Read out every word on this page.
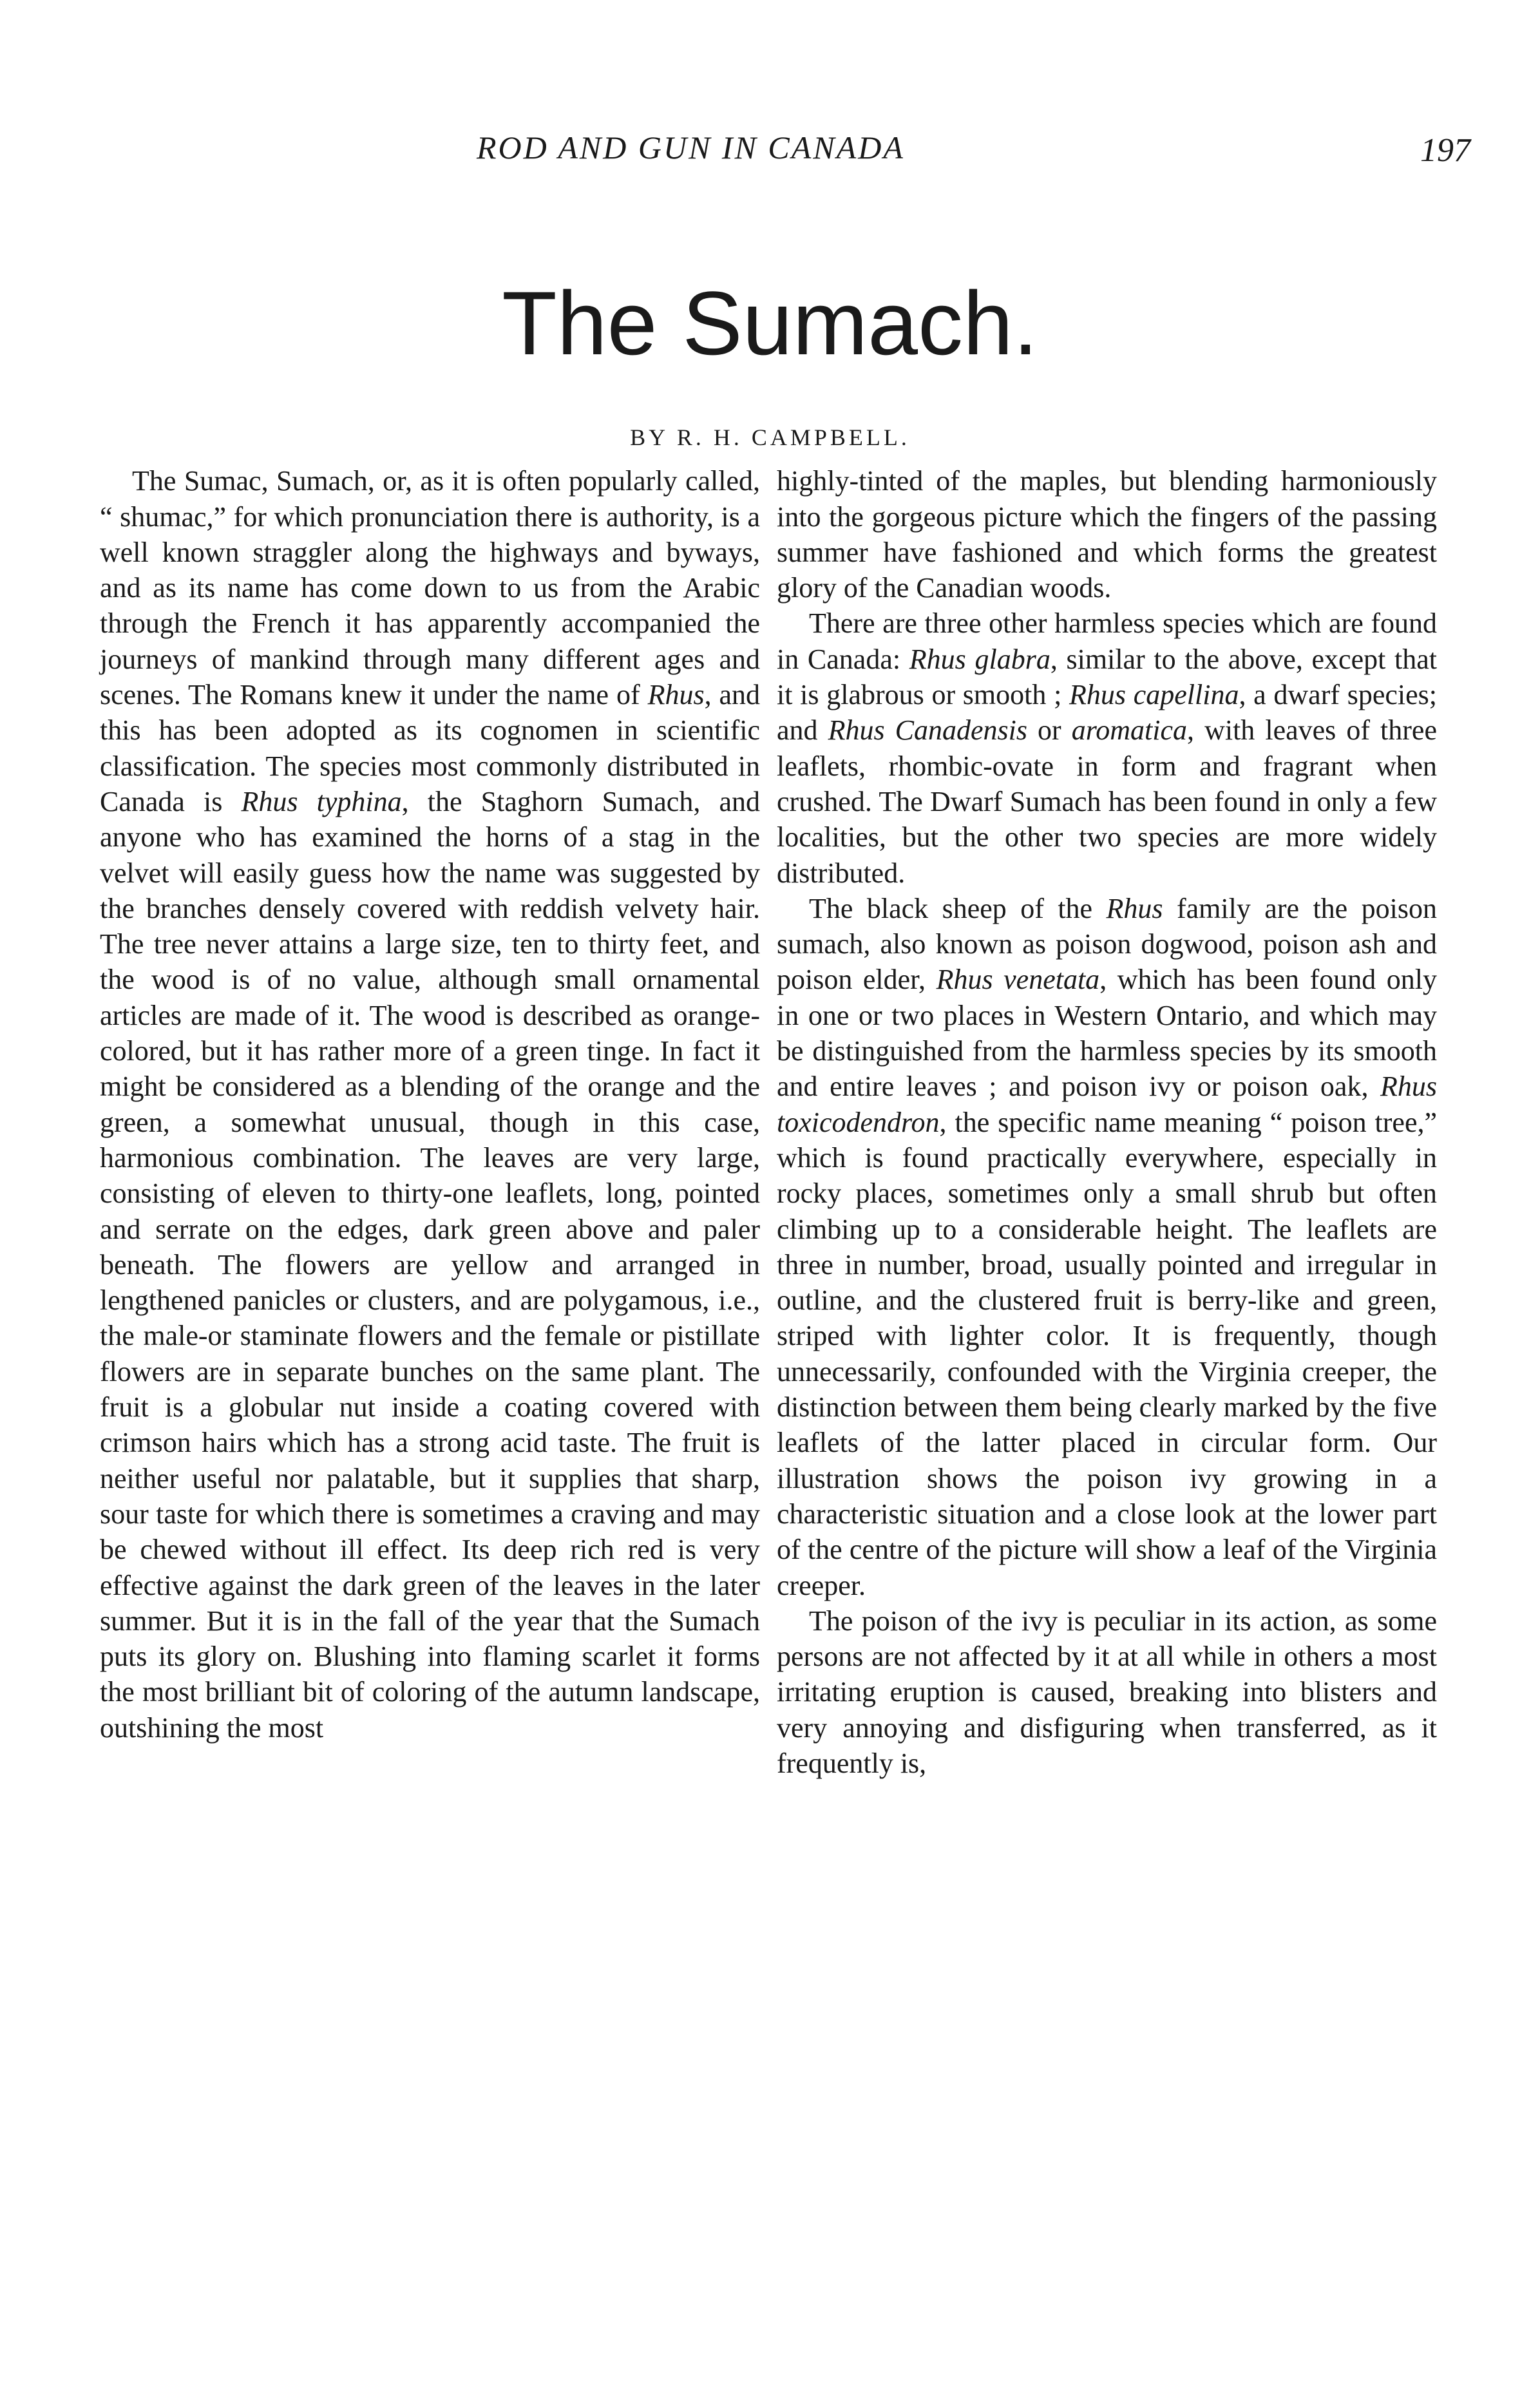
ROD AND GUN IN CANADA	197
The Sumach.
BY R. H. CAMPBELL.

The Sumac, Sumach, or, as it is often popularly called, “ shumac,” for which pronunciation there is authority, is a well known straggler along the highways and byways, and as its name has come down to us from the Arabic through the French it has apparently accompanied the journeys of mankind through many different ages and scenes. The Romans knew it under the name of Rhus, and this has been adopted as its cognomen in scientific classification. The species most commonly distributed in Canada is Rhus typhina, the Staghorn Sumach, and anyone who has examined the horns of a stag in the velvet will easily guess how the name was suggested by the branches densely covered with reddish velvety hair. The tree never attains a large size, ten to thirty feet, and the wood is of no value, although small ornamental articles are made of it. The wood is described as orange-colored, but it has rather more of a green tinge. In fact it might be considered as a blending of the orange and the green, a somewhat unusual, though in this case, harmonious combination. The leaves are very large, consisting of eleven to thirty-one leaflets, long, pointed and serrate on the edges, dark green above and paler beneath. The flowers are yellow and arranged in lengthened panicles or clusters, and are polygamous, i.e., the male-or staminate flowers and the female or pistillate flowers are in separate bunches on the same plant. The fruit is a globular nut inside a coating covered with crimson hairs which has a strong acid taste. The fruit is neither useful nor palatable, but it supplies that sharp, sour taste for which there is sometimes a craving and may be chewed without ill effect. Its deep rich red is very effective against the dark green of the leaves in the later summer. But it is in the fall of the year that the Sumach puts its glory on. Blushing into flaming scarlet it forms the most brilliant bit of coloring of the autumn landscape, outshining the most

highly-tinted of the maples, but blending harmoniously into the gorgeous picture which the fingers of the passing summer have fashioned and which forms the greatest glory of the Canadian woods.

There are three other harmless species which are found in Canada: Rhus glabra, similar to the above, except that it is glabrous or smooth ; Rhus capellina, a dwarf species; and Rhus Canadensis or aromatica, with leaves of three leaflets, rhombic-ovate in form and fragrant when crushed. The Dwarf Sumach has been found in only a few localities, but the other two species are more widely distributed.

The black sheep of the Rhus family are the poison sumach, also known as poison dogwood, poison ash and poison elder, Rhus venetata, which has been found only in one or two places in Western Ontario, and which may be distinguished from the harmless species by its smooth and entire leaves ; and poison ivy or poison oak, Rhus toxicodendron, the specific name meaning “ poison tree,” which is found practically everywhere, especially in rocky places, sometimes only a small shrub but often climbing up to a considerable height. The leaflets are three in number, broad, usually pointed and irregular in outline, and the clustered fruit is berry-like and green, striped with lighter color. It is frequently, though unnecessarily, confounded with the Virginia creeper, the distinction between them being clearly marked by the five leaflets of the latter placed in circular form. Our illustration shows the poison ivy growing in a characteristic situation and a close look at the lower part of the centre of the picture will show a leaf of the Virginia creeper.

The poison of the ivy is peculiar in its action, as some persons are not affected by it at all while in others a most irritating eruption is caused, breaking into blisters and very annoying and disfiguring when transferred, as it frequently is,
